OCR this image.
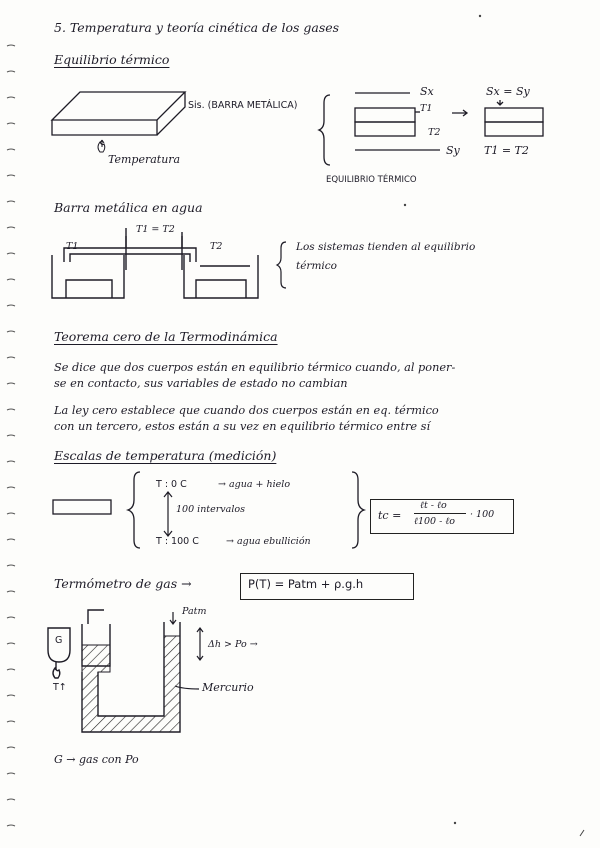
5. Temperatura y teoría cinética de los gases
Equilibrio térmico
Sis. (BARRA METÁLICA)
Temperatura
Sx
T1
T2
Sy
Sx = Sy
T1 = T2
EQUILIBRIO TÉRMICO
Barra metálica en agua
T1
T1 = T2
T2	Los sistemas tienden al equilibrio
térmico
Teorema cero de la Termodinámica
Se dice que dos cuerpos están en equilibrio térmico cuando, al poner-
se en contacto, sus variables de estado no cambian
La ley cero establece que cuando dos cuerpos están en eq. térmico
con un tercero, estos están a su vez en equilibrio térmico entre sí
Escalas de temperatura (medición)
T : 0 C	→ agua + hielo
100 intervalos
T : 100 C	→ agua ebullición
tc =
ℓt - ℓo
ℓ100 - ℓo
· 100
Termómetro de gas →	P(T) = Patm + ρ.g.h
G
Patm
Δh > Po →
Mercurio
T↑
G → gas con Po
